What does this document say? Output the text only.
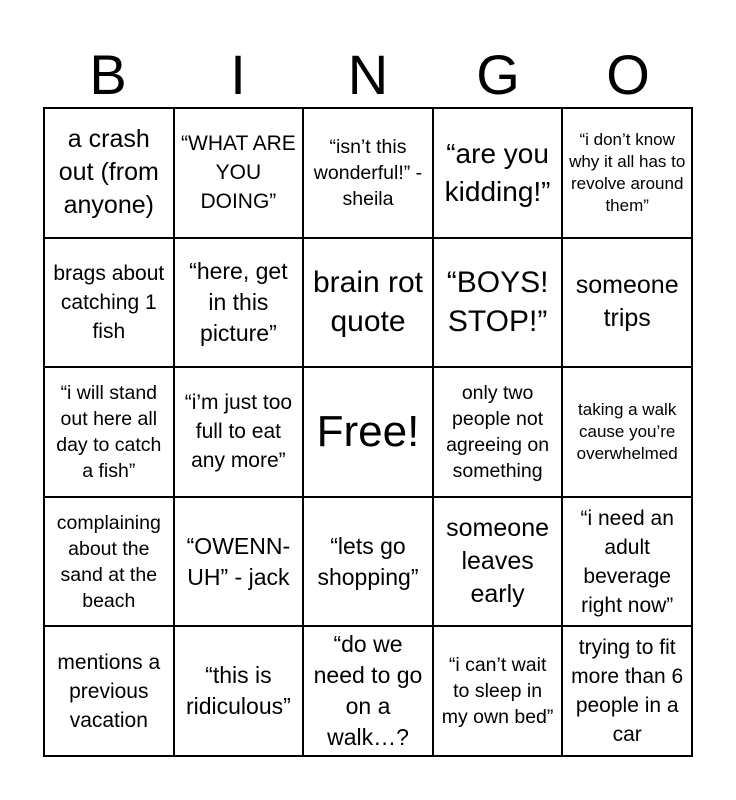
B	I	N	G	O
a crash out (from anyone)
“WHAT ARE YOU DOING”
“isn’t this wonderful!” - sheila
“are you kidding!”
“i don’t know why it all has to revolve around them”
brags about catching 1 fish
“here, get in this picture”
brain rot quote
“BOYS! STOP!”
someone trips
“i will stand out here all day to catch a fish”
“i’m just too full to eat any more”
Free!
only two people not agreeing on something
taking a walk cause you’re overwhelmed
complaining about the sand at the beach
“OWENN-UH” - jack
“lets go shopping”
someone leaves early
“i need an adult beverage right now”
mentions a previous vacation
“this is ridiculous”
“do we need to go on a walk…?
“i can’t wait to sleep in my own bed”
trying to fit more than 6 people in a car
